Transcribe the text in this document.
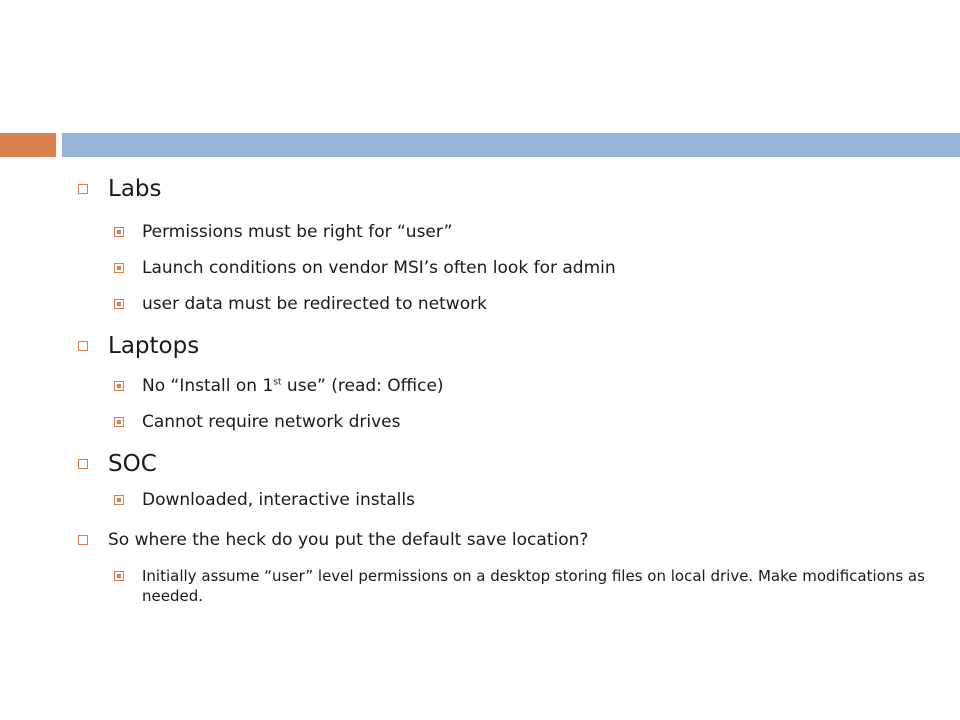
Labs
Permissions must be right for “user”
Launch conditions on vendor MSI’s often look for admin
user data must be redirected to network
Laptops
No “Install on 1st use” (read: Office)
Cannot require network drives
SOC
Downloaded, interactive installs
So where the heck do you put the default save location?
Initially assume “user” level permissions on a desktop storing files on local drive. Make modifications as needed.
